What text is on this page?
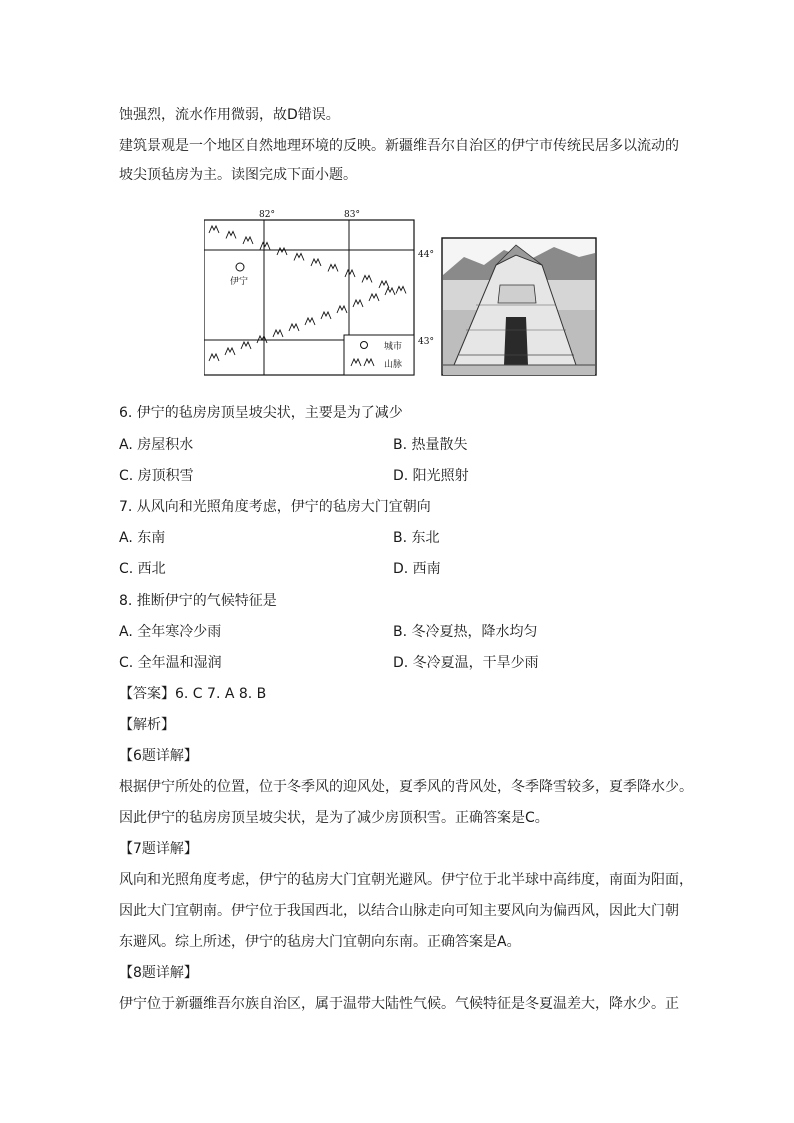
蚀强烈，流水作用微弱，故D错误。
建筑景观是一个地区自然地理环境的反映。新疆维吾尔自治区的伊宁市传统民居多以流动的
坡尖顶毡房为主。读图完成下面小题。
82°	83°
44°
43°
伊宁
城市
山脉
6. 伊宁的毡房房顶呈坡尖状，主要是为了减少
A. 房屋积水	B. 热量散失
C. 房顶积雪	D. 阳光照射
7. 从风向和光照角度考虑，伊宁的毡房大门宜朝向
A. 东南	B. 东北
C. 西北	D. 西南
8. 推断伊宁的气候特征是
A. 全年寒冷少雨	B. 冬冷夏热，降水均匀
C. 全年温和湿润	D. 冬冷夏温，干旱少雨
【答案】6. C 7. A 8. B
【解析】
【6题详解】
根据伊宁所处的位置，位于冬季风的迎风处，夏季风的背风处，冬季降雪较多，夏季降水少。
因此伊宁的毡房房顶呈坡尖状，是为了减少房顶积雪。正确答案是C。
【7题详解】
风向和光照角度考虑，伊宁的毡房大门宜朝光避风。伊宁位于北半球中高纬度，南面为阳面，
因此大门宜朝南。伊宁位于我国西北，以结合山脉走向可知主要风向为偏西风，因此大门朝
东避风。综上所述，伊宁的毡房大门宜朝向东南。正确答案是A。
【8题详解】
伊宁位于新疆维吾尔族自治区，属于温带大陆性气候。气候特征是冬夏温差大，降水少。正
